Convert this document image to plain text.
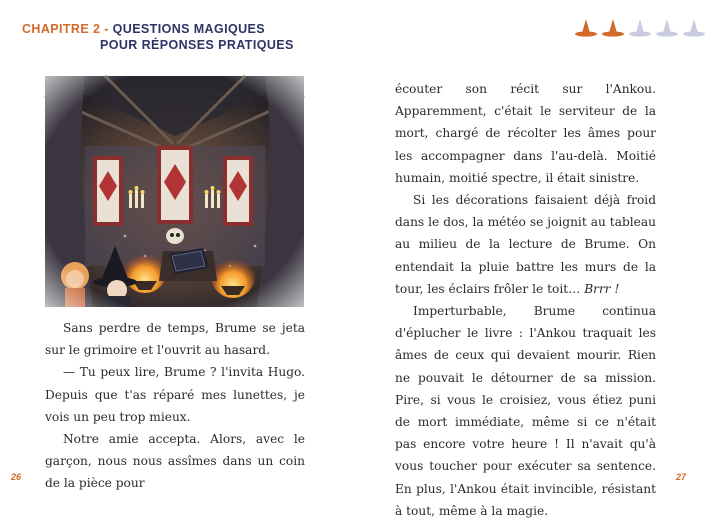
CHAPITRE 2 - QUESTIONS MAGIQUES
POUR RÉPONSES PRATIQUES

Sans perdre de temps, Brume se jeta sur le grimoire et l'ouvrit au hasard.

— Tu peux lire, Brume ? l'invita Hugo. Depuis que t'as réparé mes lunettes, je vois un peu trop mieux.

Notre amie accepta. Alors, avec le garçon, nous nous assîmes dans un coin de la pièce pour

écouter son récit sur l'Ankou. Apparemment, c'était le serviteur de la mort, chargé de récolter les âmes pour les accompagner dans l'au-delà. Moitié humain, moitié spectre, il était sinistre.

Si les décorations faisaient déjà froid dans le dos, la météo se joignit au tableau au milieu de la lecture de Brume. On entendait la pluie battre les murs de la tour, les éclairs frôler le toit… Brrr !

Imperturbable, Brume continua d'éplucher le livre : l'Ankou traquait les âmes de ceux qui devaient mourir. Rien ne pouvait le détourner de sa mission. Pire, si vous le croisiez, vous étiez puni de mort immédiate, même si ce n'était pas encore votre heure ! Il n'avait qu'à vous toucher pour exécuter sa sentence. En plus, l'Ankou était invincible, résistant à tout, même à la magie.

26	27
